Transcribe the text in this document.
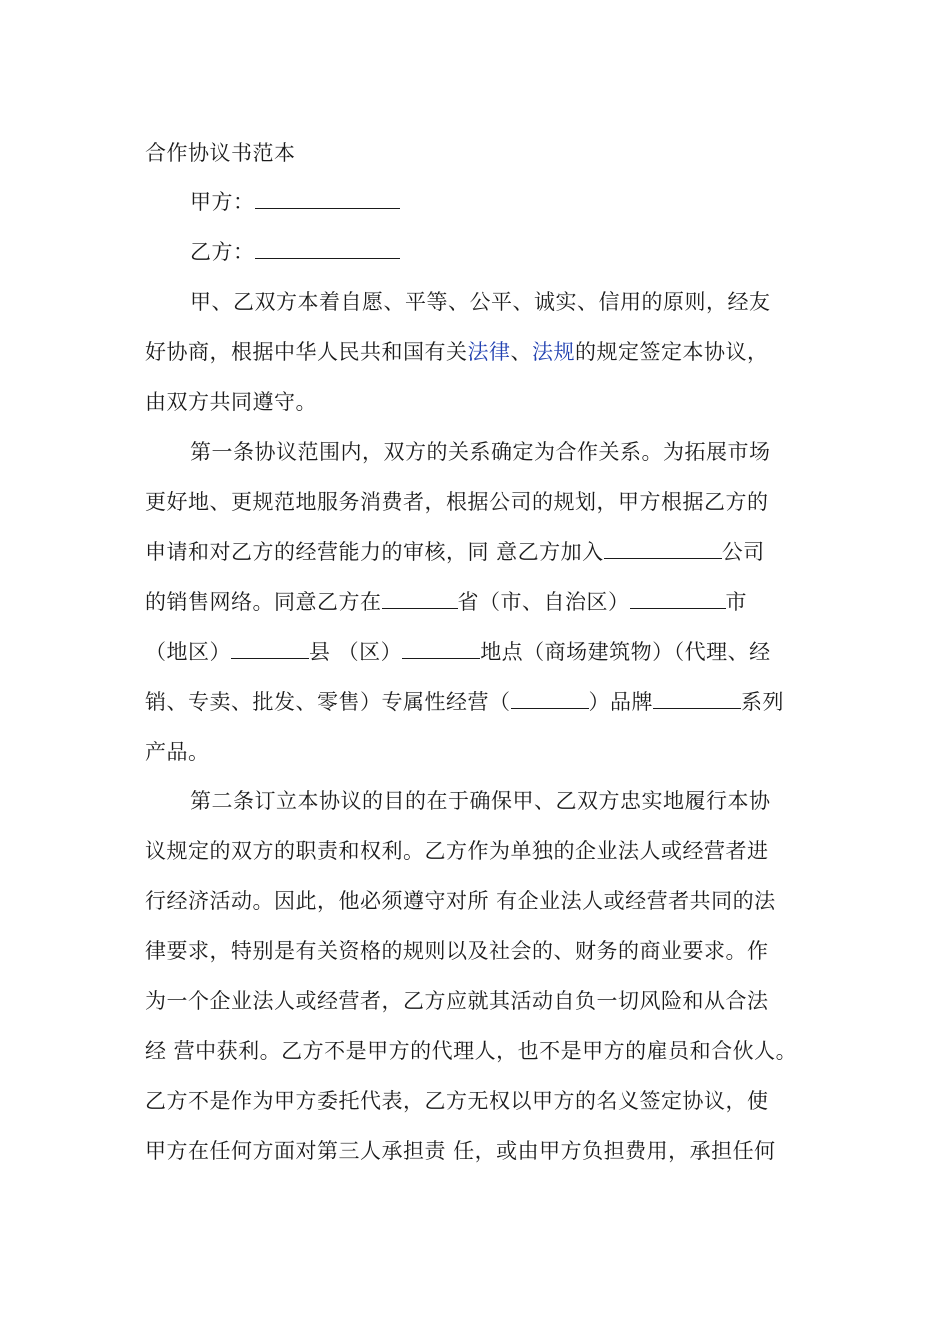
合作协议书范本
甲方：
乙方：
甲、乙双方本着自愿、平等、公平、诚实、信用的原则，经友
好协商，根据中华人民共和国有关法律、法规的规定签定本协议，
由双方共同遵守。
第一条协议范围内，双方的关系确定为合作关系。为拓展市场
更好地、更规范地服务消费者，根据公司的规划，甲方根据乙方的
申请和对乙方的经营能力的审核，同 意乙方加入	公司
的销售网络。同意乙方在	省（市、自治区）	市
（地区）	县 （区）	地点（商场建筑物）（代理、经
销、专卖、批发、零售）专属性经营（	）品牌	系列
产品。
第二条订立本协议的目的在于确保甲、乙双方忠实地履行本协
议规定的双方的职责和权利。乙方作为单独的企业法人或经营者进
行经济活动。因此，他必须遵守对所 有企业法人或经营者共同的法
律要求，特别是有关资格的规则以及社会的、财务的商业要求。作
为一个企业法人或经营者，乙方应就其活动自负一切风险和从合法
经 营中获利。乙方不是甲方的代理人，也不是甲方的雇员和合伙人。
乙方不是作为甲方委托代表，乙方无权以甲方的名义签定协议，使
甲方在任何方面对第三人承担责 任，或由甲方负担费用，承担任何
